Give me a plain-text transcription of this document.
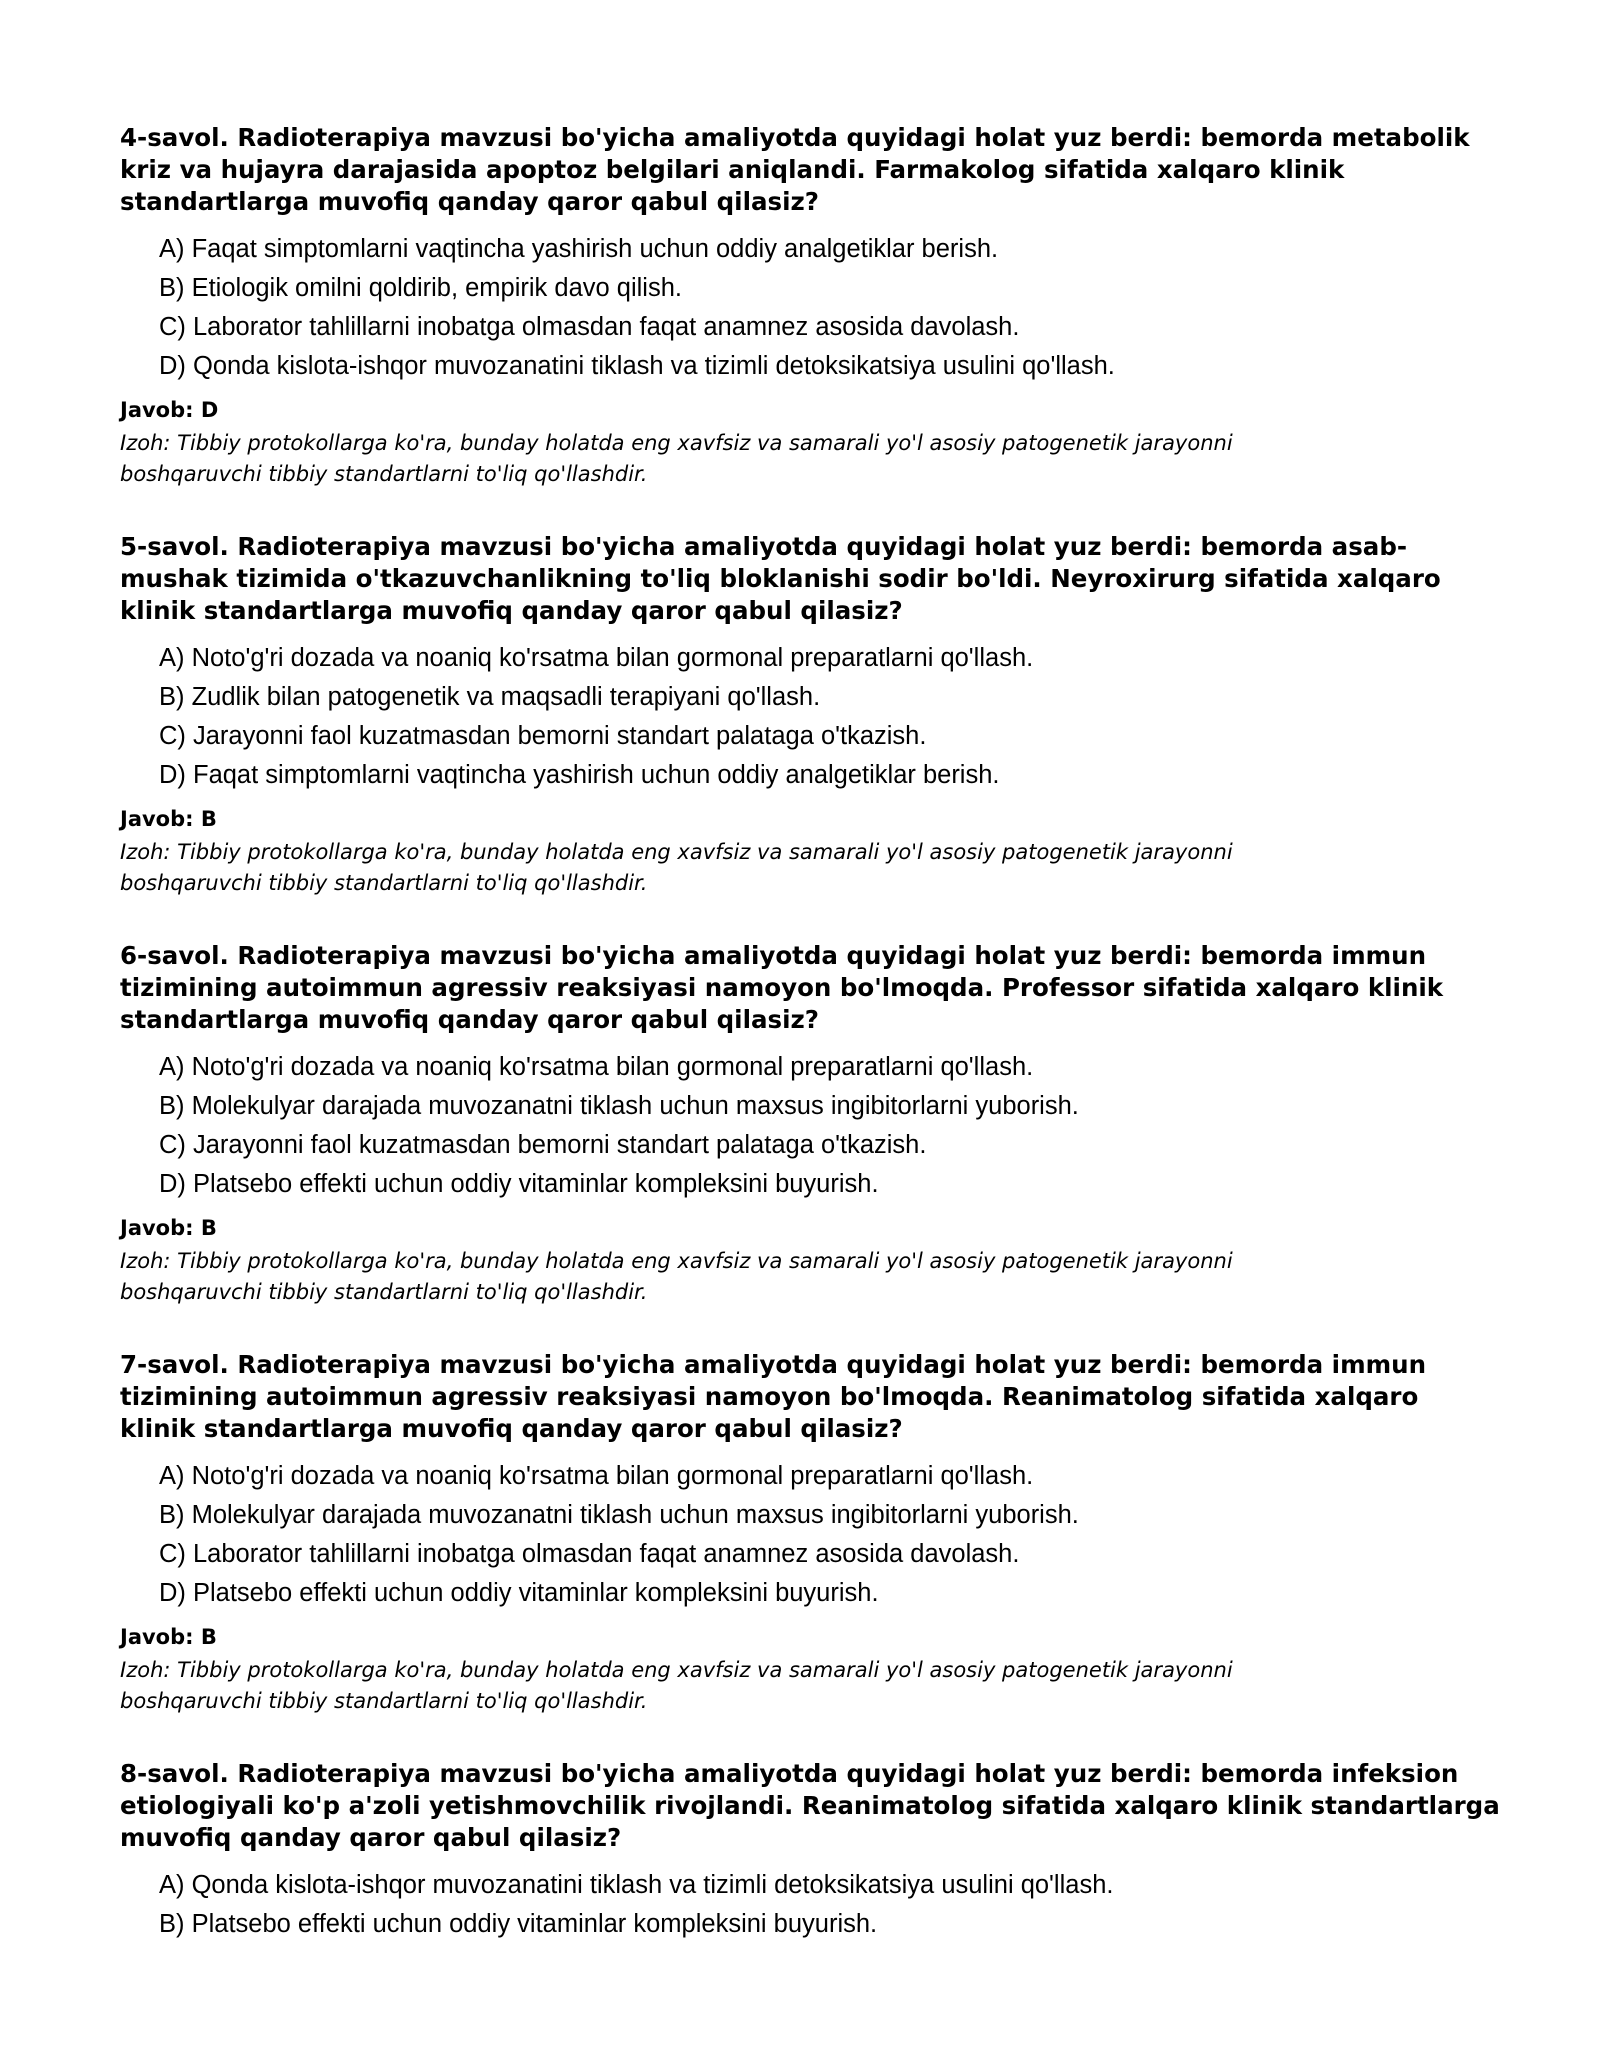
4-savol. Radioterapiya mavzusi bo'yicha amaliyotda quyidagi holat yuz berdi: bemorda metabolik kriz va hujayra darajasida apoptoz belgilari aniqlandi. Farmakolog sifatida xalqaro klinik standartlarga muvofiq qanday qaror qabul qilasiz?

A) Faqat simptomlarni vaqtincha yashirish uchun oddiy analgetiklar berish.
B) Etiologik omilni qoldirib, empirik davo qilish.
C) Laborator tahlillarni inobatga olmasdan faqat anamnez asosida davolash.
D) Qonda kislota-ishqor muvozanatini tiklash va tizimli detoksikatsiya usulini qo'llash.

Javob: D

Izoh: Tibbiy protokollarga ko'ra, bunday holatda eng xavfsiz va samarali yo'l asosiy patogenetik jarayonni boshqaruvchi tibbiy standartlarni to'liq qo'llashdir.

5-savol. Radioterapiya mavzusi bo'yicha amaliyotda quyidagi holat yuz berdi: bemorda asab-mushak tizimida o'tkazuvchanlikning to'liq bloklanishi sodir bo'ldi. Neyroxirurg sifatida xalqaro klinik standartlarga muvofiq qanday qaror qabul qilasiz?

A) Noto'g'ri dozada va noaniq ko'rsatma bilan gormonal preparatlarni qo'llash.
B) Zudlik bilan patogenetik va maqsadli terapiyani qo'llash.
C) Jarayonni faol kuzatmasdan bemorni standart palataga o'tkazish.
D) Faqat simptomlarni vaqtincha yashirish uchun oddiy analgetiklar berish.

Javob: B

Izoh: Tibbiy protokollarga ko'ra, bunday holatda eng xavfsiz va samarali yo'l asosiy patogenetik jarayonni boshqaruvchi tibbiy standartlarni to'liq qo'llashdir.

6-savol. Radioterapiya mavzusi bo'yicha amaliyotda quyidagi holat yuz berdi: bemorda immun tizimining autoimmun agressiv reaksiyasi namoyon bo'lmoqda. Professor sifatida xalqaro klinik standartlarga muvofiq qanday qaror qabul qilasiz?

A) Noto'g'ri dozada va noaniq ko'rsatma bilan gormonal preparatlarni qo'llash.
B) Molekulyar darajada muvozanatni tiklash uchun maxsus ingibitorlarni yuborish.
C) Jarayonni faol kuzatmasdan bemorni standart palataga o'tkazish.
D) Platsebo effekti uchun oddiy vitaminlar kompleksini buyurish.

Javob: B

Izoh: Tibbiy protokollarga ko'ra, bunday holatda eng xavfsiz va samarali yo'l asosiy patogenetik jarayonni boshqaruvchi tibbiy standartlarni to'liq qo'llashdir.

7-savol. Radioterapiya mavzusi bo'yicha amaliyotda quyidagi holat yuz berdi: bemorda immun tizimining autoimmun agressiv reaksiyasi namoyon bo'lmoqda. Reanimatolog sifatida xalqaro klinik standartlarga muvofiq qanday qaror qabul qilasiz?

A) Noto'g'ri dozada va noaniq ko'rsatma bilan gormonal preparatlarni qo'llash.
B) Molekulyar darajada muvozanatni tiklash uchun maxsus ingibitorlarni yuborish.
C) Laborator tahlillarni inobatga olmasdan faqat anamnez asosida davolash.
D) Platsebo effekti uchun oddiy vitaminlar kompleksini buyurish.

Javob: B

Izoh: Tibbiy protokollarga ko'ra, bunday holatda eng xavfsiz va samarali yo'l asosiy patogenetik jarayonni boshqaruvchi tibbiy standartlarni to'liq qo'llashdir.

8-savol. Radioterapiya mavzusi bo'yicha amaliyotda quyidagi holat yuz berdi: bemorda infeksion etiologiyali ko'p a'zoli yetishmovchilik rivojlandi. Reanimatolog sifatida xalqaro klinik standartlarga muvofiq qanday qaror qabul qilasiz?

A) Qonda kislota-ishqor muvozanatini tiklash va tizimli detoksikatsiya usulini qo'llash.
B) Platsebo effekti uchun oddiy vitaminlar kompleksini buyurish.
